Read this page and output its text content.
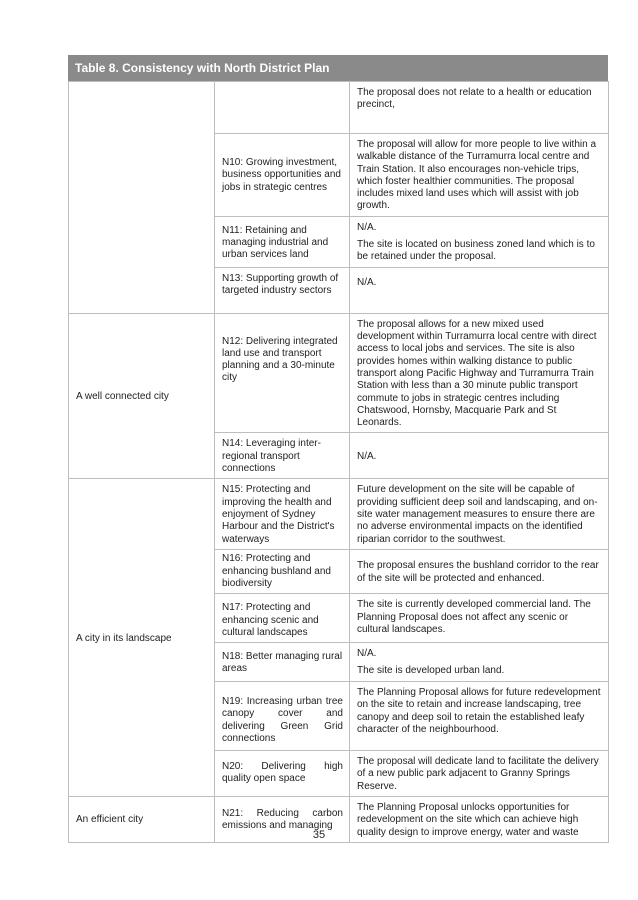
Table 8. Consistency with North District Plan

		The proposal does not relate to a health or education precinct,

	N10: Growing investment, business opportunities and jobs in strategic centres	The proposal will allow for more people to live within a walkable distance of the Turramurra local centre and Train Station. It also encourages non-vehicle trips, which foster healthier communities. The proposal includes mixed land uses which will assist with job growth.

	N11: Retaining and managing industrial and urban services land	N/A.
The site is located on business zoned land which is to be retained under the proposal.

	N13: Supporting growth of targeted industry sectors	N/A.

A well connected city	N12: Delivering integrated land use and transport planning and a 30-minute city	The proposal allows for a new mixed used development within Turramurra local centre with direct access to local jobs and services. The site is also provides homes within walking distance to public transport along Pacific Highway and Turramurra Train Station with less than a 30 minute public transport commute to jobs in strategic centres including Chatswood, Hornsby, Macquarie Park and St Leonards.

	N14: Leveraging inter-regional transport connections	N/A.

A city in its landscape	N15: Protecting and improving the health and enjoyment of Sydney Harbour and the District's waterways	Future development on the site will be capable of providing sufficient deep soil and landscaping, and on-site water management measures to ensure there are no adverse environmental impacts on the identified riparian corridor to the southwest.

	N16: Protecting and enhancing bushland and biodiversity	The proposal ensures the bushland corridor to the rear of the site will be protected and enhanced.

	N17: Protecting and enhancing scenic and cultural landscapes	The site is currently developed commercial land. The Planning Proposal does not affect any scenic or cultural landscapes.

	N18: Better managing rural areas	N/A.
The site is developed urban land.

	N19: Increasing urban tree canopy cover and delivering Green Grid connections	The Planning Proposal allows for future redevelopment on the site to retain and increase landscaping, tree canopy and deep soil to retain the established leafy character of the neighbourhood.

	N20: Delivering high quality open space	The proposal will dedicate land to facilitate the delivery of a new public park adjacent to Granny Springs Reserve.

An efficient city	N21: Reducing carbon emissions and managing	The Planning Proposal unlocks opportunities for redevelopment on the site which can achieve high quality design to improve energy, water and waste
35
